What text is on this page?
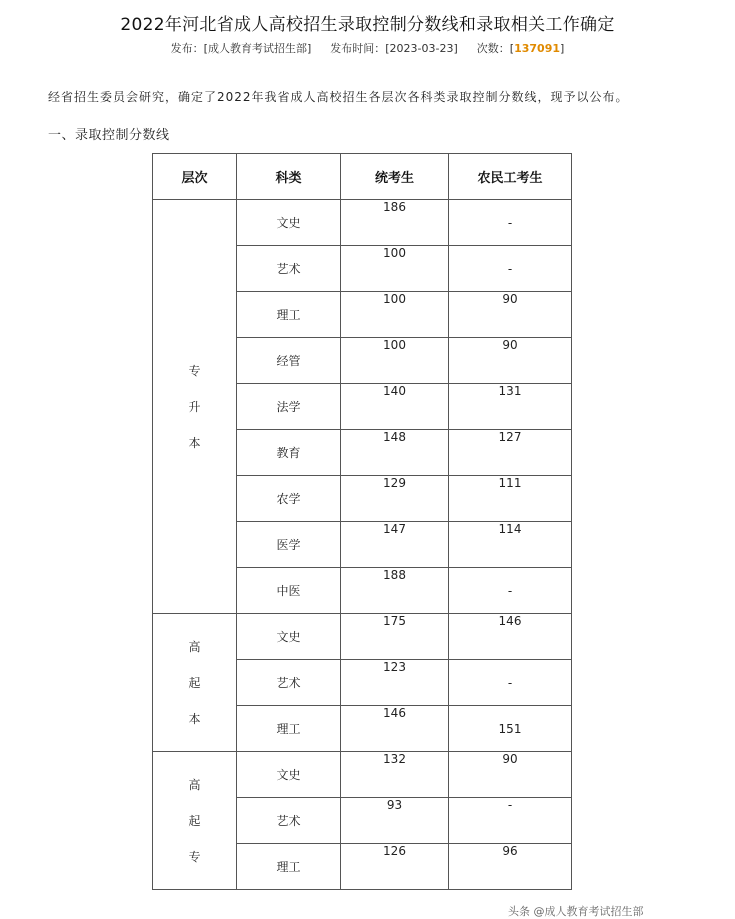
2022年河北省成人高校招生录取控制分数线和录取相关工作确定
发布：[成人教育考试招生部] 发布时间：[2023-03-23] 次数：[137091]
经省招生委员会研究，确定了2022年我省成人高校招生各层次各科类录取控制分数线，现予以公布。
一、录取控制分数线
层次	科类	统考生	农民工考生

专
升
本	文史	186	-
	艺术	100	-
	理工	100	90
	经管	100	90
	法学	140	131
	教育	148	127
	农学	129	111
	医学	147	114
	中医	188	-

高
起
本	文史	175	146
	艺术	123	-
	理工	146	151

高
起
专	文史	132	90
	艺术	93	-
	理工	126	96
头条 @成人教育考试招生部
